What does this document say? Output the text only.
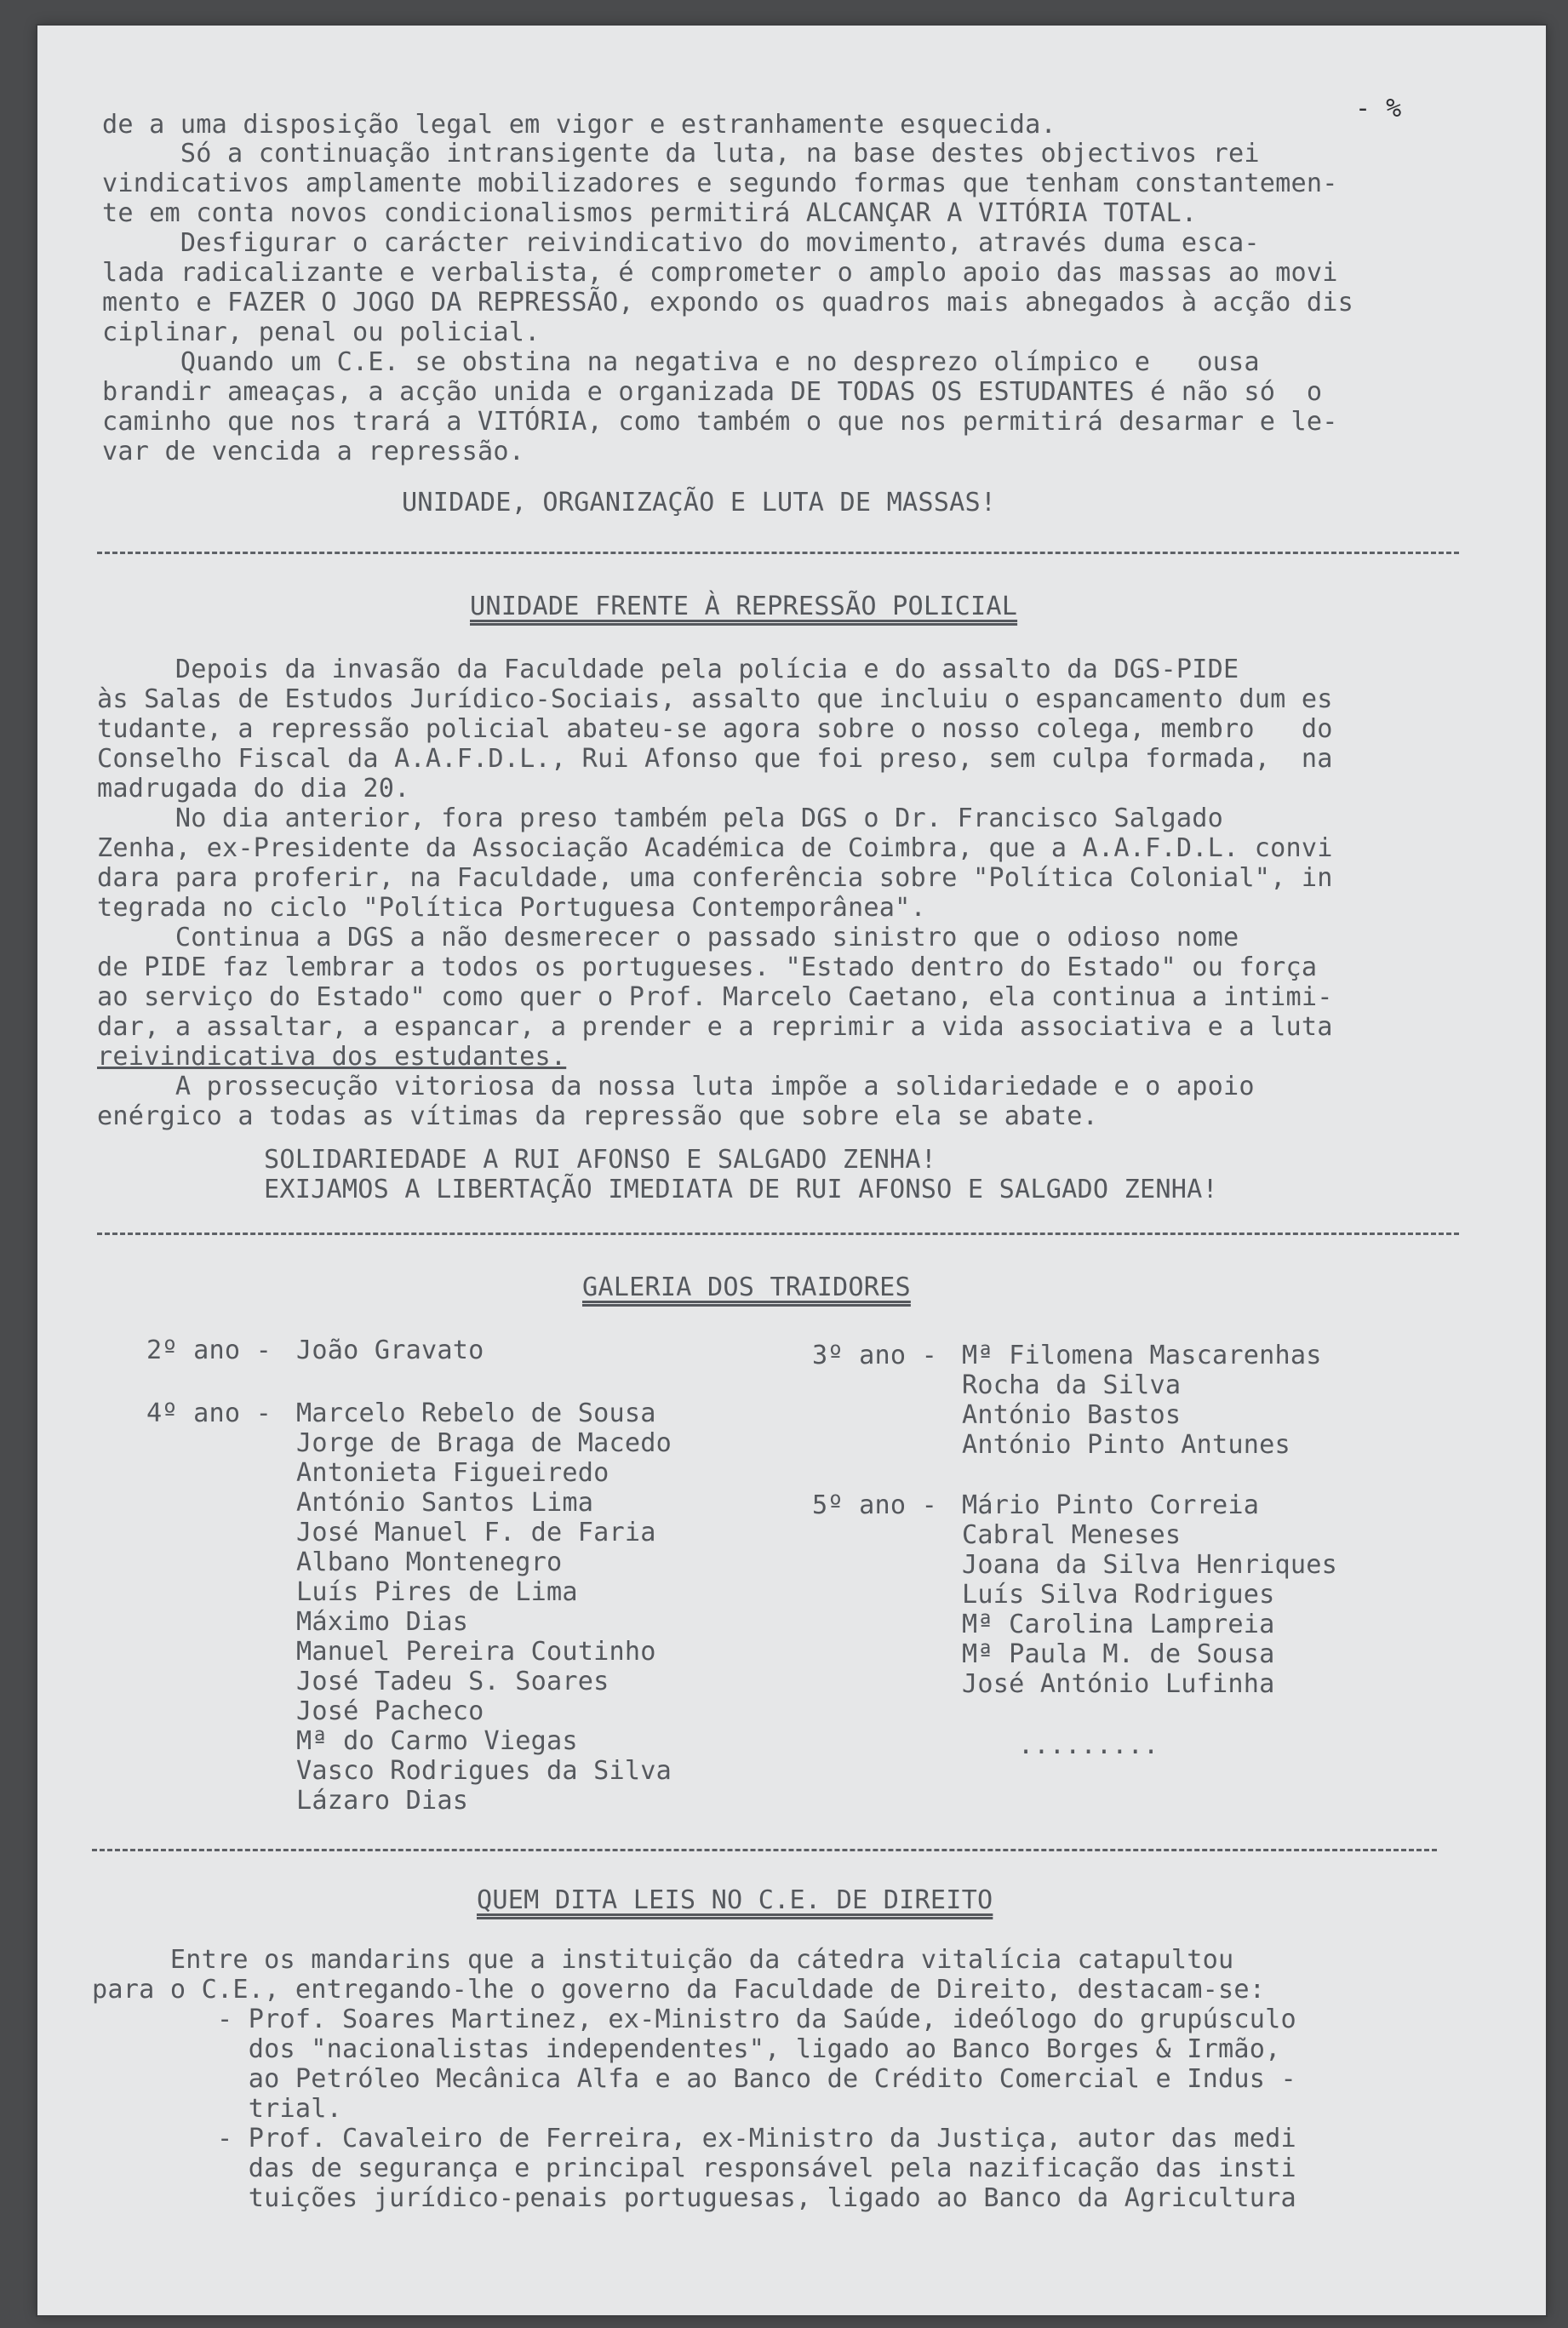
- %
de a uma disposição legal em vigor e estranhamente esquecida.
Só a continuação intransigente da luta, na base destes objectivos rei
vindicativos amplamente mobilizadores e segundo formas que tenham constantemen-
te em conta novos condicionalismos permitirá ALCANÇAR A VITÓRIA TOTAL.
Desfigurar o carácter reivindicativo do movimento, através duma esca-
lada radicalizante e verbalista, é comprometer o amplo apoio das massas ao movi
mento e FAZER O JOGO DA REPRESSÃO, expondo os quadros mais abnegados à acção dis
ciplinar, penal ou policial.
Quando um C.E. se obstina na negativa e no desprezo olímpico e   ousa
brandir ameaças, a acção unida e organizada DE TODAS OS ESTUDANTES é não só  o
caminho que nos trará a VITÓRIA, como também o que nos permitirá desarmar e le-
var de vencida a repressão.
UNIDADE, ORGANIZAÇÃO E LUTA DE MASSAS!
UNIDADE FRENTE À REPRESSÃO POLICIAL
Depois da invasão da Faculdade pela polícia e do assalto da DGS-PIDE
às Salas de Estudos Jurídico-Sociais, assalto que incluiu o espancamento dum es
tudante, a repressão policial abateu-se agora sobre o nosso colega, membro   do
Conselho Fiscal da A.A.F.D.L., Rui Afonso que foi preso, sem culpa formada,  na
madrugada do dia 20.
No dia anterior, fora preso também pela DGS o Dr. Francisco Salgado
Zenha, ex-Presidente da Associação Académica de Coimbra, que a A.A.F.D.L. convi
dara para proferir, na Faculdade, uma conferência sobre "Política Colonial", in
tegrada no ciclo "Política Portuguesa Contemporânea".
Continua a DGS a não desmerecer o passado sinistro que o odioso nome
de PIDE faz lembrar a todos os portugueses. "Estado dentro do Estado" ou força
ao serviço do Estado" como quer o Prof. Marcelo Caetano, ela continua a intimi-
dar, a assaltar, a espancar, a prender e a reprimir a vida associativa e a luta
reivindicativa dos estudantes.
A prossecução vitoriosa da nossa luta impõe a solidariedade e o apoio
enérgico a todas as vítimas da repressão que sobre ela se abate.
SOLIDARIEDADE A RUI AFONSO E SALGADO ZENHA!
EXIJAMOS A LIBERTAÇÃO IMEDIATA DE RUI AFONSO E SALGADO ZENHA!
GALERIA DOS TRAIDORES
2º ano - João Gravato
4º ano - Marcelo Rebelo de Sousa
Jorge de Braga de Macedo
Antonieta Figueiredo
António Santos Lima
José Manuel F. de Faria
Albano Montenegro
Luís Pires de Lima
Máximo Dias
Manuel Pereira Coutinho
José Tadeu S. Soares
José Pacheco
Mª do Carmo Viegas
Vasco Rodrigues da Silva
Lázaro Dias
3º ano - Mª Filomena Mascarenhas
Rocha da Silva
António Bastos
António Pinto Antunes
5º ano - Mário Pinto Correia
Cabral Meneses
Joana da Silva Henriques
Luís Silva Rodrigues
Mª Carolina Lampreia
Mª Paula M. de Sousa
José António Lufinha
.........
QUEM DITA LEIS NO C.E. DE DIREITO
Entre os mandarins que a instituição da cátedra vitalícia catapultou
para o C.E., entregando-lhe o governo da Faculdade de Direito, destacam-se:
- Prof. Soares Martinez, ex-Ministro da Saúde, ideólogo do grupúsculo
dos "nacionalistas independentes", ligado ao Banco Borges & Irmão,
ao Petróleo Mecânica Alfa e ao Banco de Crédito Comercial e Indus -
trial.
- Prof. Cavaleiro de Ferreira, ex-Ministro da Justiça, autor das medi
das de segurança e principal responsável pela nazificação das insti
tuições jurídico-penais portuguesas, ligado ao Banco da Agricultura
